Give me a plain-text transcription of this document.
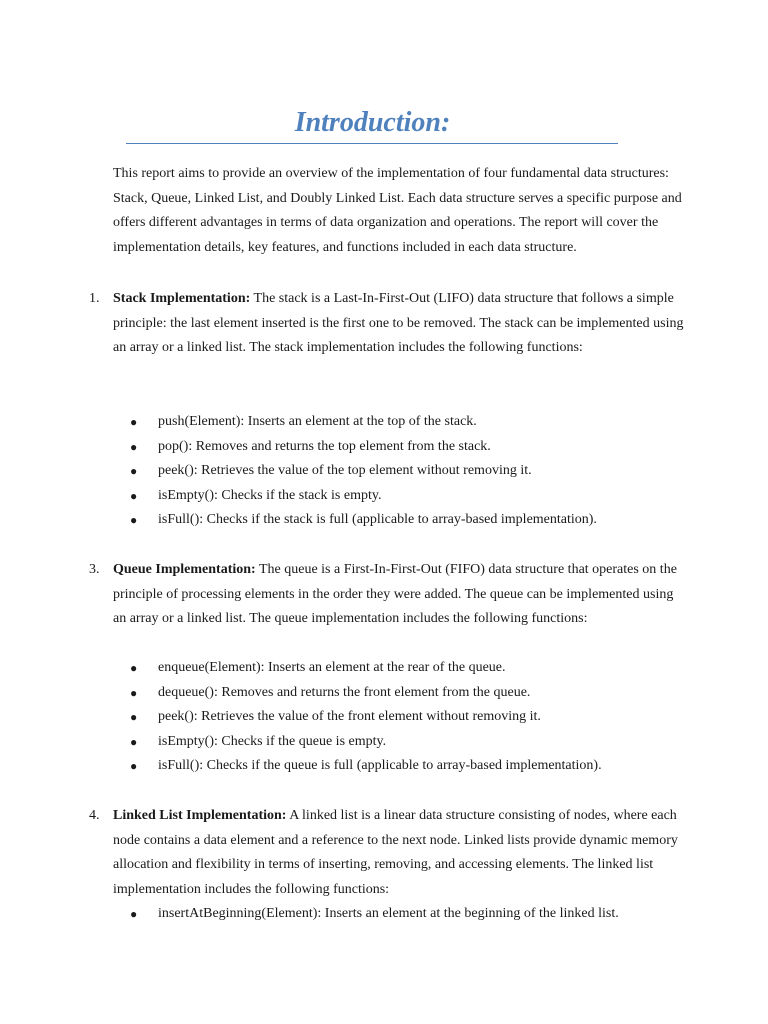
Introduction:

This report aims to provide an overview of the implementation of four fundamental data structures: Stack, Queue, Linked List, and Doubly Linked List. Each data structure serves a specific purpose and offers different advantages in terms of data organization and operations. The report will cover the implementation details, key features, and functions included in each data structure.

1. Stack Implementation: The stack is a Last-In-First-Out (LIFO) data structure that follows a simple principle: the last element inserted is the first one to be removed. The stack can be implemented using an array or a linked list. The stack implementation includes the following functions:

● push(Element): Inserts an element at the top of the stack.
● pop(): Removes and returns the top element from the stack.
● peek(): Retrieves the value of the top element without removing it.
● isEmpty(): Checks if the stack is empty.
● isFull(): Checks if the stack is full (applicable to array-based implementation).

3. Queue Implementation: The queue is a First-In-First-Out (FIFO) data structure that operates on the principle of processing elements in the order they were added. The queue can be implemented using an array or a linked list. The queue implementation includes the following functions:

● enqueue(Element): Inserts an element at the rear of the queue.
● dequeue(): Removes and returns the front element from the queue.
● peek(): Retrieves the value of the front element without removing it.
● isEmpty(): Checks if the queue is empty.
● isFull(): Checks if the queue is full (applicable to array-based implementation).

4. Linked List Implementation: A linked list is a linear data structure consisting of nodes, where each node contains a data element and a reference to the next node. Linked lists provide dynamic memory allocation and flexibility in terms of inserting, removing, and accessing elements. The linked list implementation includes the following functions:

● insertAtBeginning(Element): Inserts an element at the beginning of the linked list.
